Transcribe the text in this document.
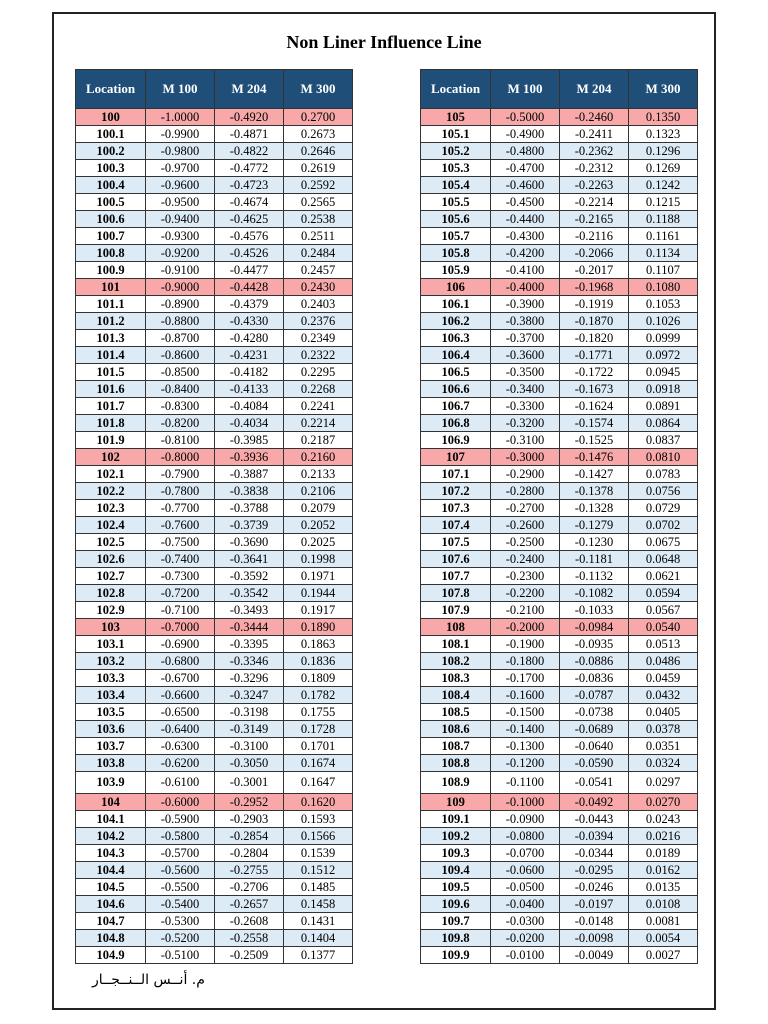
Non Liner Influence Line
Location	M 100	M 204	M 300
100	-1.0000	-0.4920	0.2700
100.1	-0.9900	-0.4871	0.2673
100.2	-0.9800	-0.4822	0.2646
100.3	-0.9700	-0.4772	0.2619
100.4	-0.9600	-0.4723	0.2592
100.5	-0.9500	-0.4674	0.2565
100.6	-0.9400	-0.4625	0.2538
100.7	-0.9300	-0.4576	0.2511
100.8	-0.9200	-0.4526	0.2484
100.9	-0.9100	-0.4477	0.2457
101	-0.9000	-0.4428	0.2430
101.1	-0.8900	-0.4379	0.2403
101.2	-0.8800	-0.4330	0.2376
101.3	-0.8700	-0.4280	0.2349
101.4	-0.8600	-0.4231	0.2322
101.5	-0.8500	-0.4182	0.2295
101.6	-0.8400	-0.4133	0.2268
101.7	-0.8300	-0.4084	0.2241
101.8	-0.8200	-0.4034	0.2214
101.9	-0.8100	-0.3985	0.2187
102	-0.8000	-0.3936	0.2160
102.1	-0.7900	-0.3887	0.2133
102.2	-0.7800	-0.3838	0.2106
102.3	-0.7700	-0.3788	0.2079
102.4	-0.7600	-0.3739	0.2052
102.5	-0.7500	-0.3690	0.2025
102.6	-0.7400	-0.3641	0.1998
102.7	-0.7300	-0.3592	0.1971
102.8	-0.7200	-0.3542	0.1944
102.9	-0.7100	-0.3493	0.1917
103	-0.7000	-0.3444	0.1890
103.1	-0.6900	-0.3395	0.1863
103.2	-0.6800	-0.3346	0.1836
103.3	-0.6700	-0.3296	0.1809
103.4	-0.6600	-0.3247	0.1782
103.5	-0.6500	-0.3198	0.1755
103.6	-0.6400	-0.3149	0.1728
103.7	-0.6300	-0.3100	0.1701
103.8	-0.6200	-0.3050	0.1674
103.9	-0.6100	-0.3001	0.1647
104	-0.6000	-0.2952	0.1620
104.1	-0.5900	-0.2903	0.1593
104.2	-0.5800	-0.2854	0.1566
104.3	-0.5700	-0.2804	0.1539
104.4	-0.5600	-0.2755	0.1512
104.5	-0.5500	-0.2706	0.1485
104.6	-0.5400	-0.2657	0.1458
104.7	-0.5300	-0.2608	0.1431
104.8	-0.5200	-0.2558	0.1404
104.9	-0.5100	-0.2509	0.1377
Location	M 100	M 204	M 300
105	-0.5000	-0.2460	0.1350
105.1	-0.4900	-0.2411	0.1323
105.2	-0.4800	-0.2362	0.1296
105.3	-0.4700	-0.2312	0.1269
105.4	-0.4600	-0.2263	0.1242
105.5	-0.4500	-0.2214	0.1215
105.6	-0.4400	-0.2165	0.1188
105.7	-0.4300	-0.2116	0.1161
105.8	-0.4200	-0.2066	0.1134
105.9	-0.4100	-0.2017	0.1107
106	-0.4000	-0.1968	0.1080
106.1	-0.3900	-0.1919	0.1053
106.2	-0.3800	-0.1870	0.1026
106.3	-0.3700	-0.1820	0.0999
106.4	-0.3600	-0.1771	0.0972
106.5	-0.3500	-0.1722	0.0945
106.6	-0.3400	-0.1673	0.0918
106.7	-0.3300	-0.1624	0.0891
106.8	-0.3200	-0.1574	0.0864
106.9	-0.3100	-0.1525	0.0837
107	-0.3000	-0.1476	0.0810
107.1	-0.2900	-0.1427	0.0783
107.2	-0.2800	-0.1378	0.0756
107.3	-0.2700	-0.1328	0.0729
107.4	-0.2600	-0.1279	0.0702
107.5	-0.2500	-0.1230	0.0675
107.6	-0.2400	-0.1181	0.0648
107.7	-0.2300	-0.1132	0.0621
107.8	-0.2200	-0.1082	0.0594
107.9	-0.2100	-0.1033	0.0567
108	-0.2000	-0.0984	0.0540
108.1	-0.1900	-0.0935	0.0513
108.2	-0.1800	-0.0886	0.0486
108.3	-0.1700	-0.0836	0.0459
108.4	-0.1600	-0.0787	0.0432
108.5	-0.1500	-0.0738	0.0405
108.6	-0.1400	-0.0689	0.0378
108.7	-0.1300	-0.0640	0.0351
108.8	-0.1200	-0.0590	0.0324
108.9	-0.1100	-0.0541	0.0297
109	-0.1000	-0.0492	0.0270
109.1	-0.0900	-0.0443	0.0243
109.2	-0.0800	-0.0394	0.0216
109.3	-0.0700	-0.0344	0.0189
109.4	-0.0600	-0.0295	0.0162
109.5	-0.0500	-0.0246	0.0135
109.6	-0.0400	-0.0197	0.0108
109.7	-0.0300	-0.0148	0.0081
109.8	-0.0200	-0.0098	0.0054
109.9	-0.0100	-0.0049	0.0027
م. أنــس الــنــجــار
